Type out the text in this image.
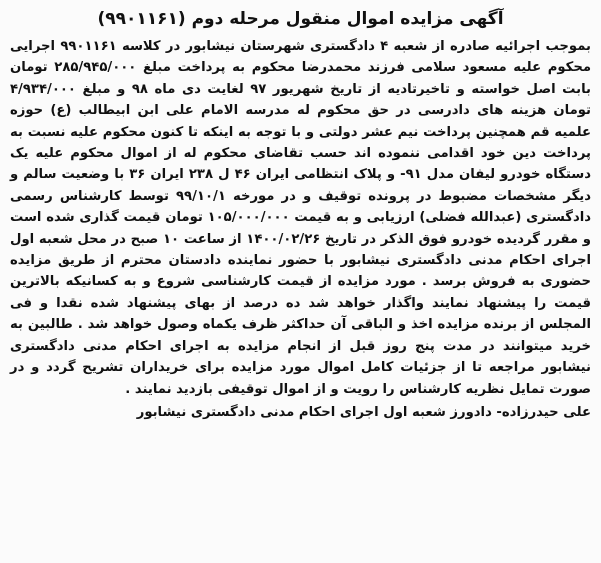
آگهی مزایده اموال منقول مرحله دوم (۹۹۰۱۱۶۱)

بموجب اجرائیه صادره از شعبه ۴ دادگستری شهرستان نیشابور در کلاسه ۹۹۰۱۱۶۱ اجرایی محکوم علیه مسعود سلامی فرزند محمدرضا محکوم به پرداخت مبلغ ۲۸۵/۹۴۵/۰۰۰ تومان بابت اصل خواسته و تاخیرتادیه از تاریخ شهریور ۹۷ لغایت دی ماه ۹۸ و مبلغ ۴/۹۳۴/۰۰۰ تومان هزینه های دادرسی در حق محکوم له مدرسه الامام علی ابن ابیطالب (ع) حوزه علمیه قم همچنین پرداخت نیم عشر دولتی و با توجه به اینکه تا کنون محکوم علیه نسبت به پرداخت دین خود اقدامی ننموده اند حسب تقاضای محکوم له از اموال محکوم علیه یک دستگاه خودرو لیفان مدل ۹۱- و پلاک انتظامی ایران ۴۶ ل ۲۳۸ ایران ۳۶ با وضعیت سالم و دیگر مشخصات مضبوط در پرونده توقیف و در مورخه ۹۹/۱۰/۱ توسط کارشناس رسمی دادگستری (عبدالله فضلی) ارزیابی و به قیمت ۱۰۵/۰۰۰/۰۰۰ تومان قیمت گذاری شده است و مقرر گردیده خودرو فوق الذکر در تاریخ ۱۴۰۰/۰۲/۲۶ از ساعت ۱۰ صبح در محل شعبه اول اجرای احکام مدنی دادگستری نیشابور با حضور نماینده دادستان محترم از طریق مزایده حضوری به فروش برسد . مورد مزایده از قیمت کارشناسی شروع و به کسانیکه بالاترین قیمت را پیشنهاد نمایند واگذار خواهد شد ده درصد از بهای پیشنهاد شده نقدا و فی المجلس از برنده مزایده اخذ و الباقی آن حداکثر ظرف یکماه وصول خواهد شد . طالبین به خرید میتوانند در مدت پنج روز قبل از انجام مزایده به اجرای احکام مدنی دادگستری نیشابور مراجعه تا از جزئیات کامل اموال مورد مزایده برای خریداران تشریح گردد و در صورت تمایل نظریه کارشناس را رویت و از اموال توقیفی بازدید نمایند .

علی حیدرزاده- دادورز شعبه اول اجرای احکام مدنی دادگستری نیشابور
